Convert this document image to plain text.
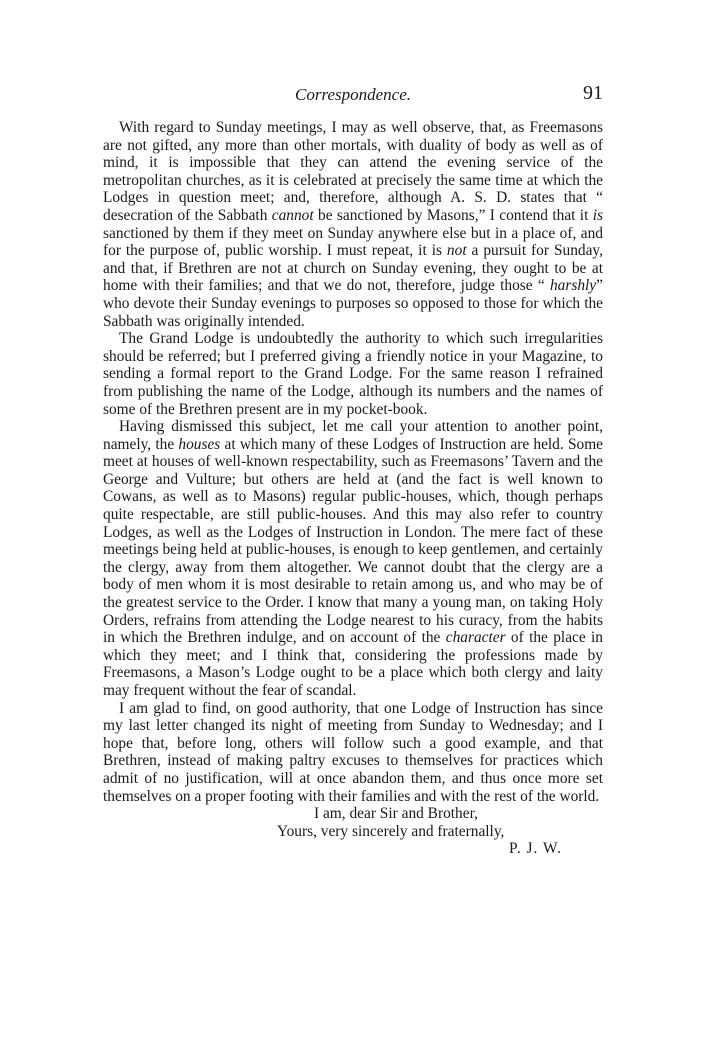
Correspondence.	91

With regard to Sunday meetings, I may as well observe, that, as Freemasons are not gifted, any more than other mortals, with duality of body as well as of mind, it is impossible that they can attend the evening service of the metropolitan churches, as it is celebrated at precisely the same time at which the Lodges in question meet; and, therefore, although A. S. D. states that “ desecration of the Sabbath cannot be sanctioned by Masons,” I contend that it is sanctioned by them if they meet on Sunday anywhere else but in a place of, and for the purpose of, public worship. I must repeat, it is not a pursuit for Sunday, and that, if Brethren are not at church on Sunday evening, they ought to be at home with their families; and that we do not, therefore, judge those “ harshly” who devote their Sunday evenings to purposes so opposed to those for which the Sabbath was originally intended.

The Grand Lodge is undoubtedly the authority to which such irregularities should be referred; but I preferred giving a friendly notice in your Magazine, to sending a formal report to the Grand Lodge. For the same reason I refrained from publishing the name of the Lodge, although its numbers and the names of some of the Brethren present are in my pocket-book.

Having dismissed this subject, let me call your attention to another point, namely, the houses at which many of these Lodges of Instruction are held. Some meet at houses of well-known respectability, such as Freemasons’ Tavern and the George and Vulture; but others are held at (and the fact is well known to Cowans, as well as to Masons) regular public-houses, which, though perhaps quite respectable, are still public-houses. And this may also refer to country Lodges, as well as the Lodges of Instruction in London. The mere fact of these meetings being held at public-houses, is enough to keep gentlemen, and certainly the clergy, away from them altogether. We cannot doubt that the clergy are a body of men whom it is most desirable to retain among us, and who may be of the greatest service to the Order. I know that many a young man, on taking Holy Orders, refrains from attending the Lodge nearest to his curacy, from the habits in which the Brethren indulge, and on account of the character of the place in which they meet; and I think that, considering the professions made by Freemasons, a Mason’s Lodge ought to be a place which both clergy and laity may frequent without the fear of scandal.

I am glad to find, on good authority, that one Lodge of Instruction has since my last letter changed its night of meeting from Sunday to Wednesday; and I hope that, before long, others will follow such a good example, and that Brethren, instead of making paltry excuses to themselves for practices which admit of no justification, will at once abandon them, and thus once more set themselves on a proper footing with their families and with the rest of the world.

I am, dear Sir and Brother,
Yours, very sincerely and fraternally,
P. J. W.
